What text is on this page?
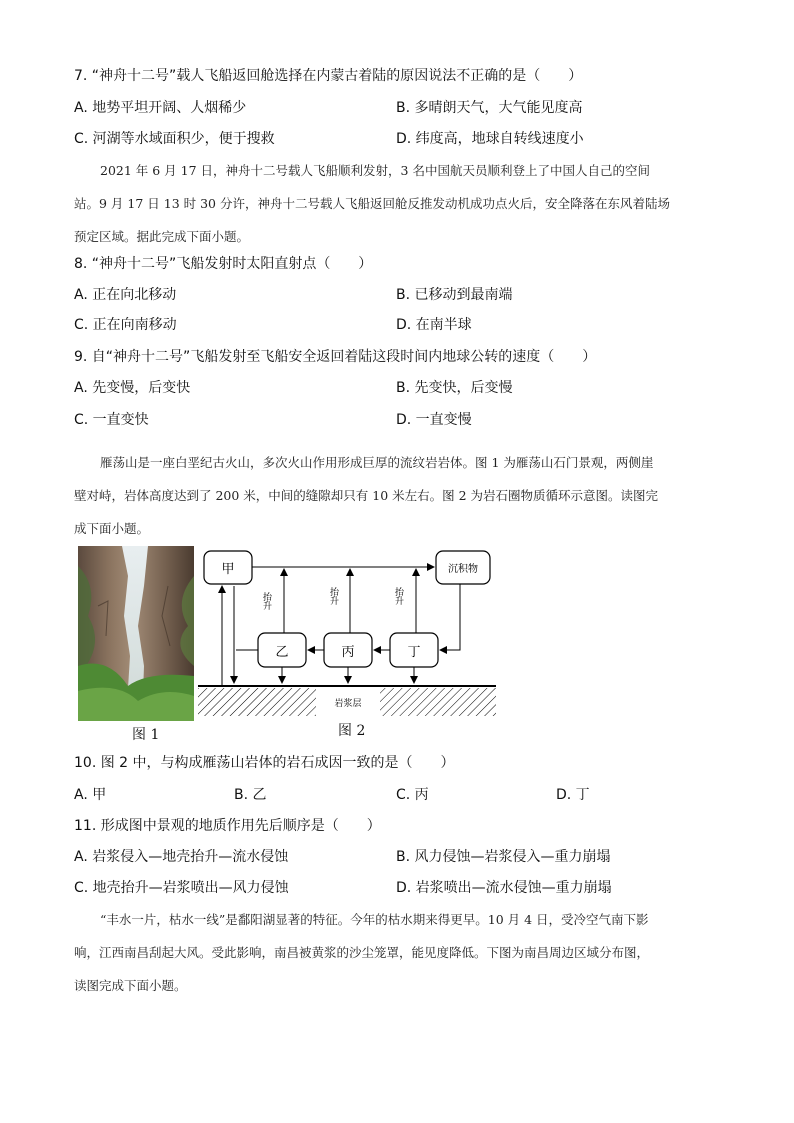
7. “神舟十二号”载人飞船返回舱选择在内蒙古着陆的原因说法不正确的是（　　）
A. 地势平坦开阔、人烟稀少	B. 多晴朗天气，大气能见度高
C. 河湖等水域面积少，便于搜救	D. 纬度高，地球自转线速度小

2021 年 6 月 17 日，神舟十二号载人飞船顺利发射，3 名中国航天员顺利登上了中国人自己的空间

站。9 月 17 日 13 时 30 分许，神舟十二号载人飞船返回舱反推发动机成功点火后，安全降落在东风着陆场

预定区域。据此完成下面小题。

8. “神舟十二号”飞船发射时太阳直射点（　　）
A. 正在向北移动	B. 已移动到最南端
C. 正在向南移动	D. 在南半球
9. 自“神舟十二号”飞船发射至飞船安全返回着陆这段时间内地球公转的速度（　　）
A. 先变慢，后变快	B. 先变快，后变慢
C. 一直变快	D. 一直变慢

雁荡山是一座白垩纪古火山，多次火山作用形成巨厚的流纹岩岩体。图 1 为雁荡山石门景观，两侧崖

壁对峙，岩体高度达到了 200 米，中间的缝隙却只有 10 米左右。图 2 为岩石圈物质循环示意图。读图完

成下面小题。

图 1
甲	沉积物
乙	丙	丁
抬升	抬升	抬升
岩浆层
图 2
10. 图 2 中，与构成雁荡山岩体的岩石成因一致的是（　　）
A. 甲	B. 乙	C. 丙	D. 丁
11. 形成图中景观的地质作用先后顺序是（　　）
A. 岩浆侵入—地壳抬升—流水侵蚀	B. 风力侵蚀—岩浆侵入—重力崩塌
C. 地壳抬升—岩浆喷出—风力侵蚀	D. 岩浆喷出—流水侵蚀—重力崩塌

“丰水一片，枯水一线”是鄱阳湖显著的特征。今年的枯水期来得更早。10 月 4 日，受冷空气南下影

响，江西南昌刮起大风。受此影响，南昌被黄浆的沙尘笼罩，能见度降低。下图为南昌周边区域分布图，

读图完成下面小题。
